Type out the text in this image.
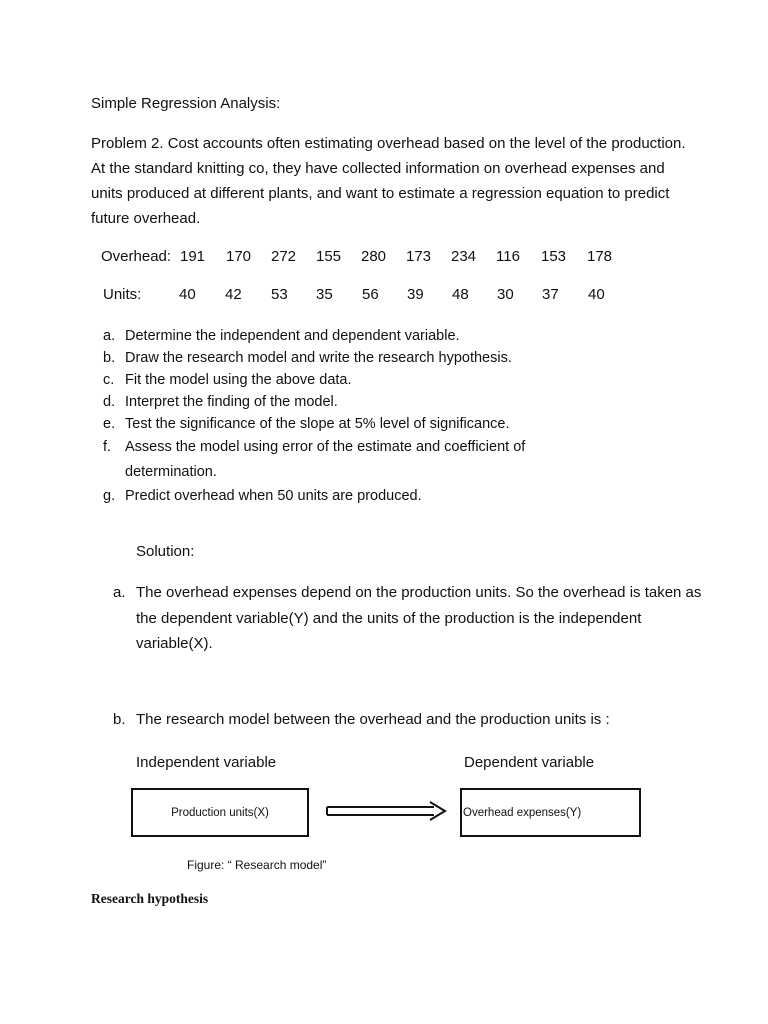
Simple Regression Analysis:
Problem 2. Cost accounts often estimating overhead based on the level of the production. At the standard knitting co, they have collected information on overhead expenses and units produced at different plants, and want to estimate a regression equation to predict future overhead.
Overhead: 191 170 272 155 280 173 234 116 153 178
Units:	40 42 53 35 56 39 48 30 37 40
a. Determine the independent and dependent variable.
b. Draw the research model and write the research hypothesis.
c. Fit the model using the above data.
d. Interpret the finding of the model.
e. Test the significance of the slope at 5% level of significance.
f. Assess the model using error of the estimate and coefficient of
determination.
g. Predict overhead when 50 units are produced.
Solution:
a. The overhead expenses depend on the production units. So the overhead is taken as the dependent variable(Y) and the units of the production is the independent variable(X).
b. The research model between the overhead and the production units is :
Independent variable	Dependent variable
Production units(X)	Overhead expenses(Y)
Figure: “ Research model”
Research hypothesis
